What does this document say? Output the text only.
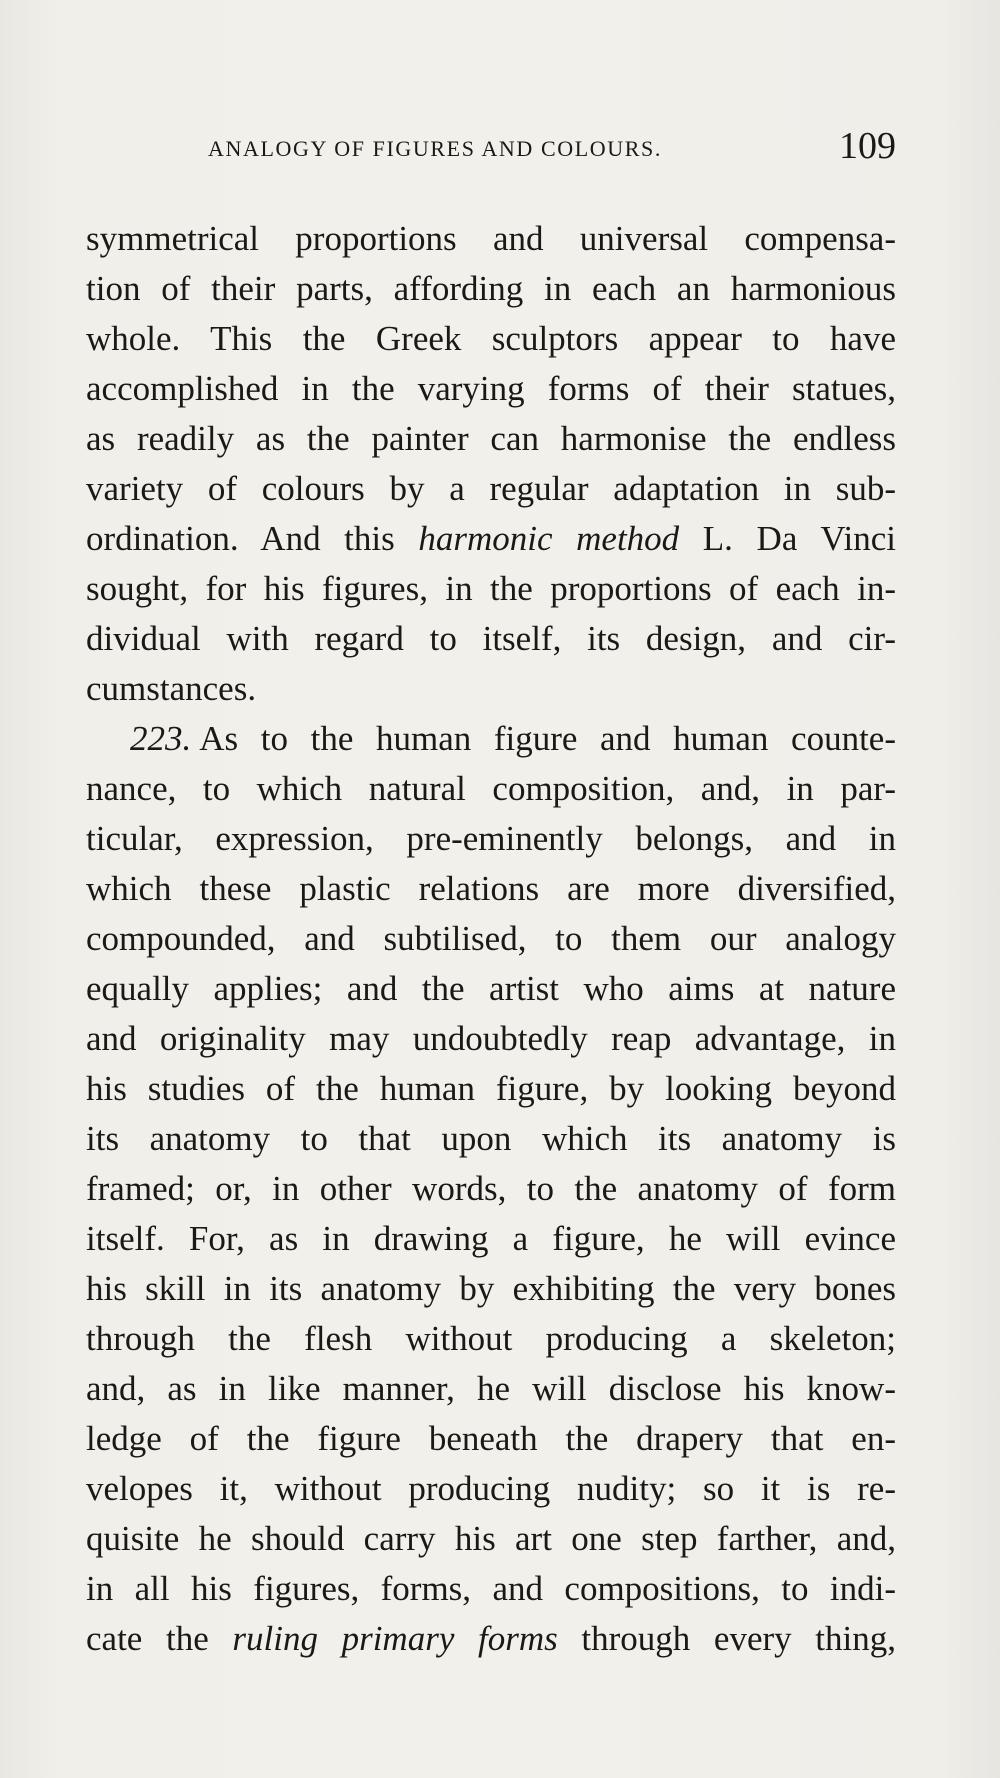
ANALOGY OF FIGURES AND COLOURS.	109
symmetrical proportions and universal compensa-
tion of their parts, affording in each an harmonious
whole. This the Greek sculptors appear to have
accomplished in the varying forms of their statues,
as readily as the painter can harmonise the endless
variety of colours by a regular adaptation in sub-
ordination. And this harmonic method L. Da Vinci
sought, for his figures, in the proportions of each in-
dividual with regard to itself, its design, and cir-
cumstances.
223. As to the human figure and human counte-
nance, to which natural composition, and, in par-
ticular, expression, pre-eminently belongs, and in
which these plastic relations are more diversified,
compounded, and subtilised, to them our analogy
equally applies; and the artist who aims at nature
and originality may undoubtedly reap advantage, in
his studies of the human figure, by looking beyond
its anatomy to that upon which its anatomy is
framed; or, in other words, to the anatomy of form
itself. For, as in drawing a figure, he will evince
his skill in its anatomy by exhibiting the very bones
through the flesh without producing a skeleton;
and, as in like manner, he will disclose his know-
ledge of the figure beneath the drapery that en-
velopes it, without producing nudity; so it is re-
quisite he should carry his art one step farther, and,
in all his figures, forms, and compositions, to indi-
cate the ruling primary forms through every thing,
